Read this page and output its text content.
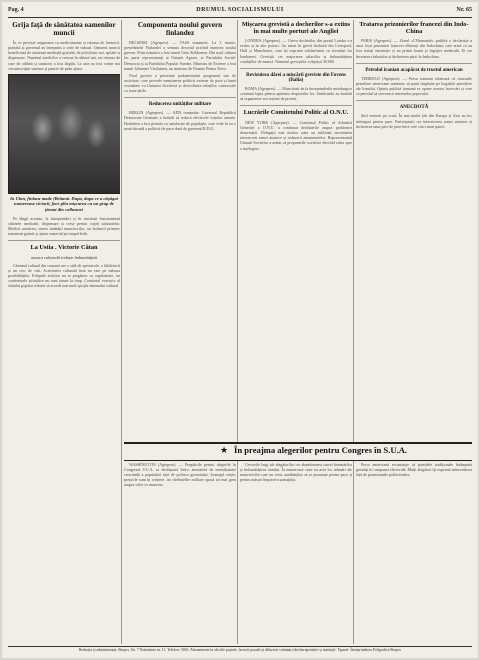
Pag. 4	DRUMUL SOCIALISMULUI	Nr. 65
Grija față de sănătatea oamenilor muncii

În ce privește asigurarea cu medicamente și rețeaua de farmacii, partidul și guvernul au întreprins o serie de măsuri. Oamenii muncii beneficiază de asistență medicală gratuită, de policlinici noi, spitale și dispensare. Numărul medicilor a crescut în ultimii ani, iar rețeaua de case de odihnă și sanatorii a fost lărgită. La sate au fost create noi circumscripții sanitare și puncte de prim ajutor.

In Ulan, finlanz made (Britanic Dupa, dupa ce a câștigat numeroase victorii, face plin mișcarea cu un grup de țărani din colhozuri

Pe lângă aceasta, la întreprinderi și în instituții funcționează cabinete medicale, dispensare și creșe pentru copiii salariatelor. Medicii urmăresc starea sănătății muncitorilor, iar bolnavii primesc tratament gratuit și ajutor material pe timpul bolii.

La Ustia . Victorie Cătan
munca culturală trebuie îmbunătățită

Căminul cultural din comună are o sală de spectacole, o bibliotecă și un cerc de citit. Activitatea culturală însă nu este pe măsura posibilităților. Echipele artistice nu se pregătesc cu regularitate, iar conferințele științifice nu sunt ținute la timp. Comitetul executiv al sfatului popular trebuie să acorde mai mult sprijin căminului cultural.

Componenta noului guvern finlandez

HELSINKI (Agerpres). — TASS transmite: La 3 martie, președintele Finlandei a semnat decretul privind numirea noului guvern. Prim-ministru a fost numit Urho Kekkonen. Din noul cabinet fac parte reprezentanți ai Uniunii Agrare, ai Partidului Social-Democrat și ai Partidului Popular Suedez. Ministru de Externe a fost numit Johannes Virolainen, iar ministru de Finanțe Penna Tervo.

Noul guvern a prezentat parlamentului programul său de activitate, care prevede menținerea politicii externe de pace și bună vecinătate cu Uniunea Sovietică și dezvoltarea relațiilor comerciale cu toate țările.

Reducerea unităților militare

BERLIN (Agerpres). — ADN transmite: Guvernul Republicii Democrate Germane a hotărât să reducă efectivele forțelor armate. Hotărârea a fost primită cu satisfacție de populație, care vede în ea o nouă dovadă a politicii de pace dusă de guvernul R.D.G.

Mișcarea grevistă a docherilor s-a extins în mai multe porturi ale Angliei

LONDRA (Agerpres). — Greva docherilor din portul Londra s-a extins și în alte porturi. Au intrat în grevă docherii din Liverpool, Hull și Manchester, care își exprimă solidaritatea cu tovarășii lor londonezi. Greviștii cer majorarea salariilor și îmbunătățirea condițiilor de muncă. Numărul greviștilor a depășit 30.000.

Revizuirea dărei a mișcării greviste din Fovens (Italia)

ROMA (Agerpres). — Muncitorii de la întreprinderile metalurgice continuă lupta pentru apărarea drepturilor lor. Sindicatele au hotărât să organizeze noi acțiuni de protest.

Lucrările Comitetului Politic al O.N.U.

NEW YORK (Agerpres). — Comitetul Politic al Adunării Generale a O.N.U. a continuat dezbaterile asupra problemei dezarmării. Delegații mai multor state au subliniat necesitatea interzicerii armei atomice și reducerii armamentelor. Reprezentantul Uniunii Sovietice a arătat că propunerile sovietice deschid calea spre o înțelegere.

Tratarea prizonierilor francezi din Indo-China

PARIS (Agerpres). — Ziarul «L'Humanité» publică o declarație a unor foști prizonieri francezi eliberați din Indochina, care arată că au fost tratați omenește și au primit hrană și îngrijire medicală. Ei cer încetarea războiului și încheierea păcii în Indochina.

Petrolul iranian acapărat de trustul american

TEHERAN (Agerpres). — Presa iraniană relatează că trusturile petroliere americane urmăresc să pună stăpânire pe bogățiile petroliere ale Iranului. Opinia publică iraniană se opune acestor încercări și cere ca petrolul să servească intereselor poporului.

ANECDOTĂ

Știri externe pe scurt: În mai multe țări din Europa și Asia au loc mitinguri pentru pace. Participanții cer interzicerea armei atomice și încheierea unui pact de pace între cele cinci mari puteri.

★ În preajma alegerilor pentru Congres în S.U.A.

WASHINGTON (Agerpres). — Pregătirile pentru alegerile în Congresul S.U.A. se desfășoară într-o atmosferă de nemulțumire crescândă a populației față de politica guvernului. Șomajul crește, prețurile sunt în creștere, iar cheltuielile militare apasă tot mai greu asupra celor ce muncesc.

Cercurile largi ale alegătorilor cer abandonarea cursei înarmărilor și îmbunătățirea traiului. În numeroase state au avut loc adunări ale muncitorilor care au cerut candidaților să se pronunțe pentru pace și pentru măsuri împotriva șomajului.

Presa americană recunoaște că partidele tradiționale întâmpină greutăți în campania electorală. Mulți alegători își exprimă neîncrederea față de promisiunile politicienilor.

Redacția și administrația: Brașov, Str. 7 Noiembrie nr. 11. Telefon: 3010. Abonamente la oficiile poștale, factorii poștali și difuzorii voluntari din întreprinderi și instituții. Tiparul: Întreprinderea Poligrafică Brașov
